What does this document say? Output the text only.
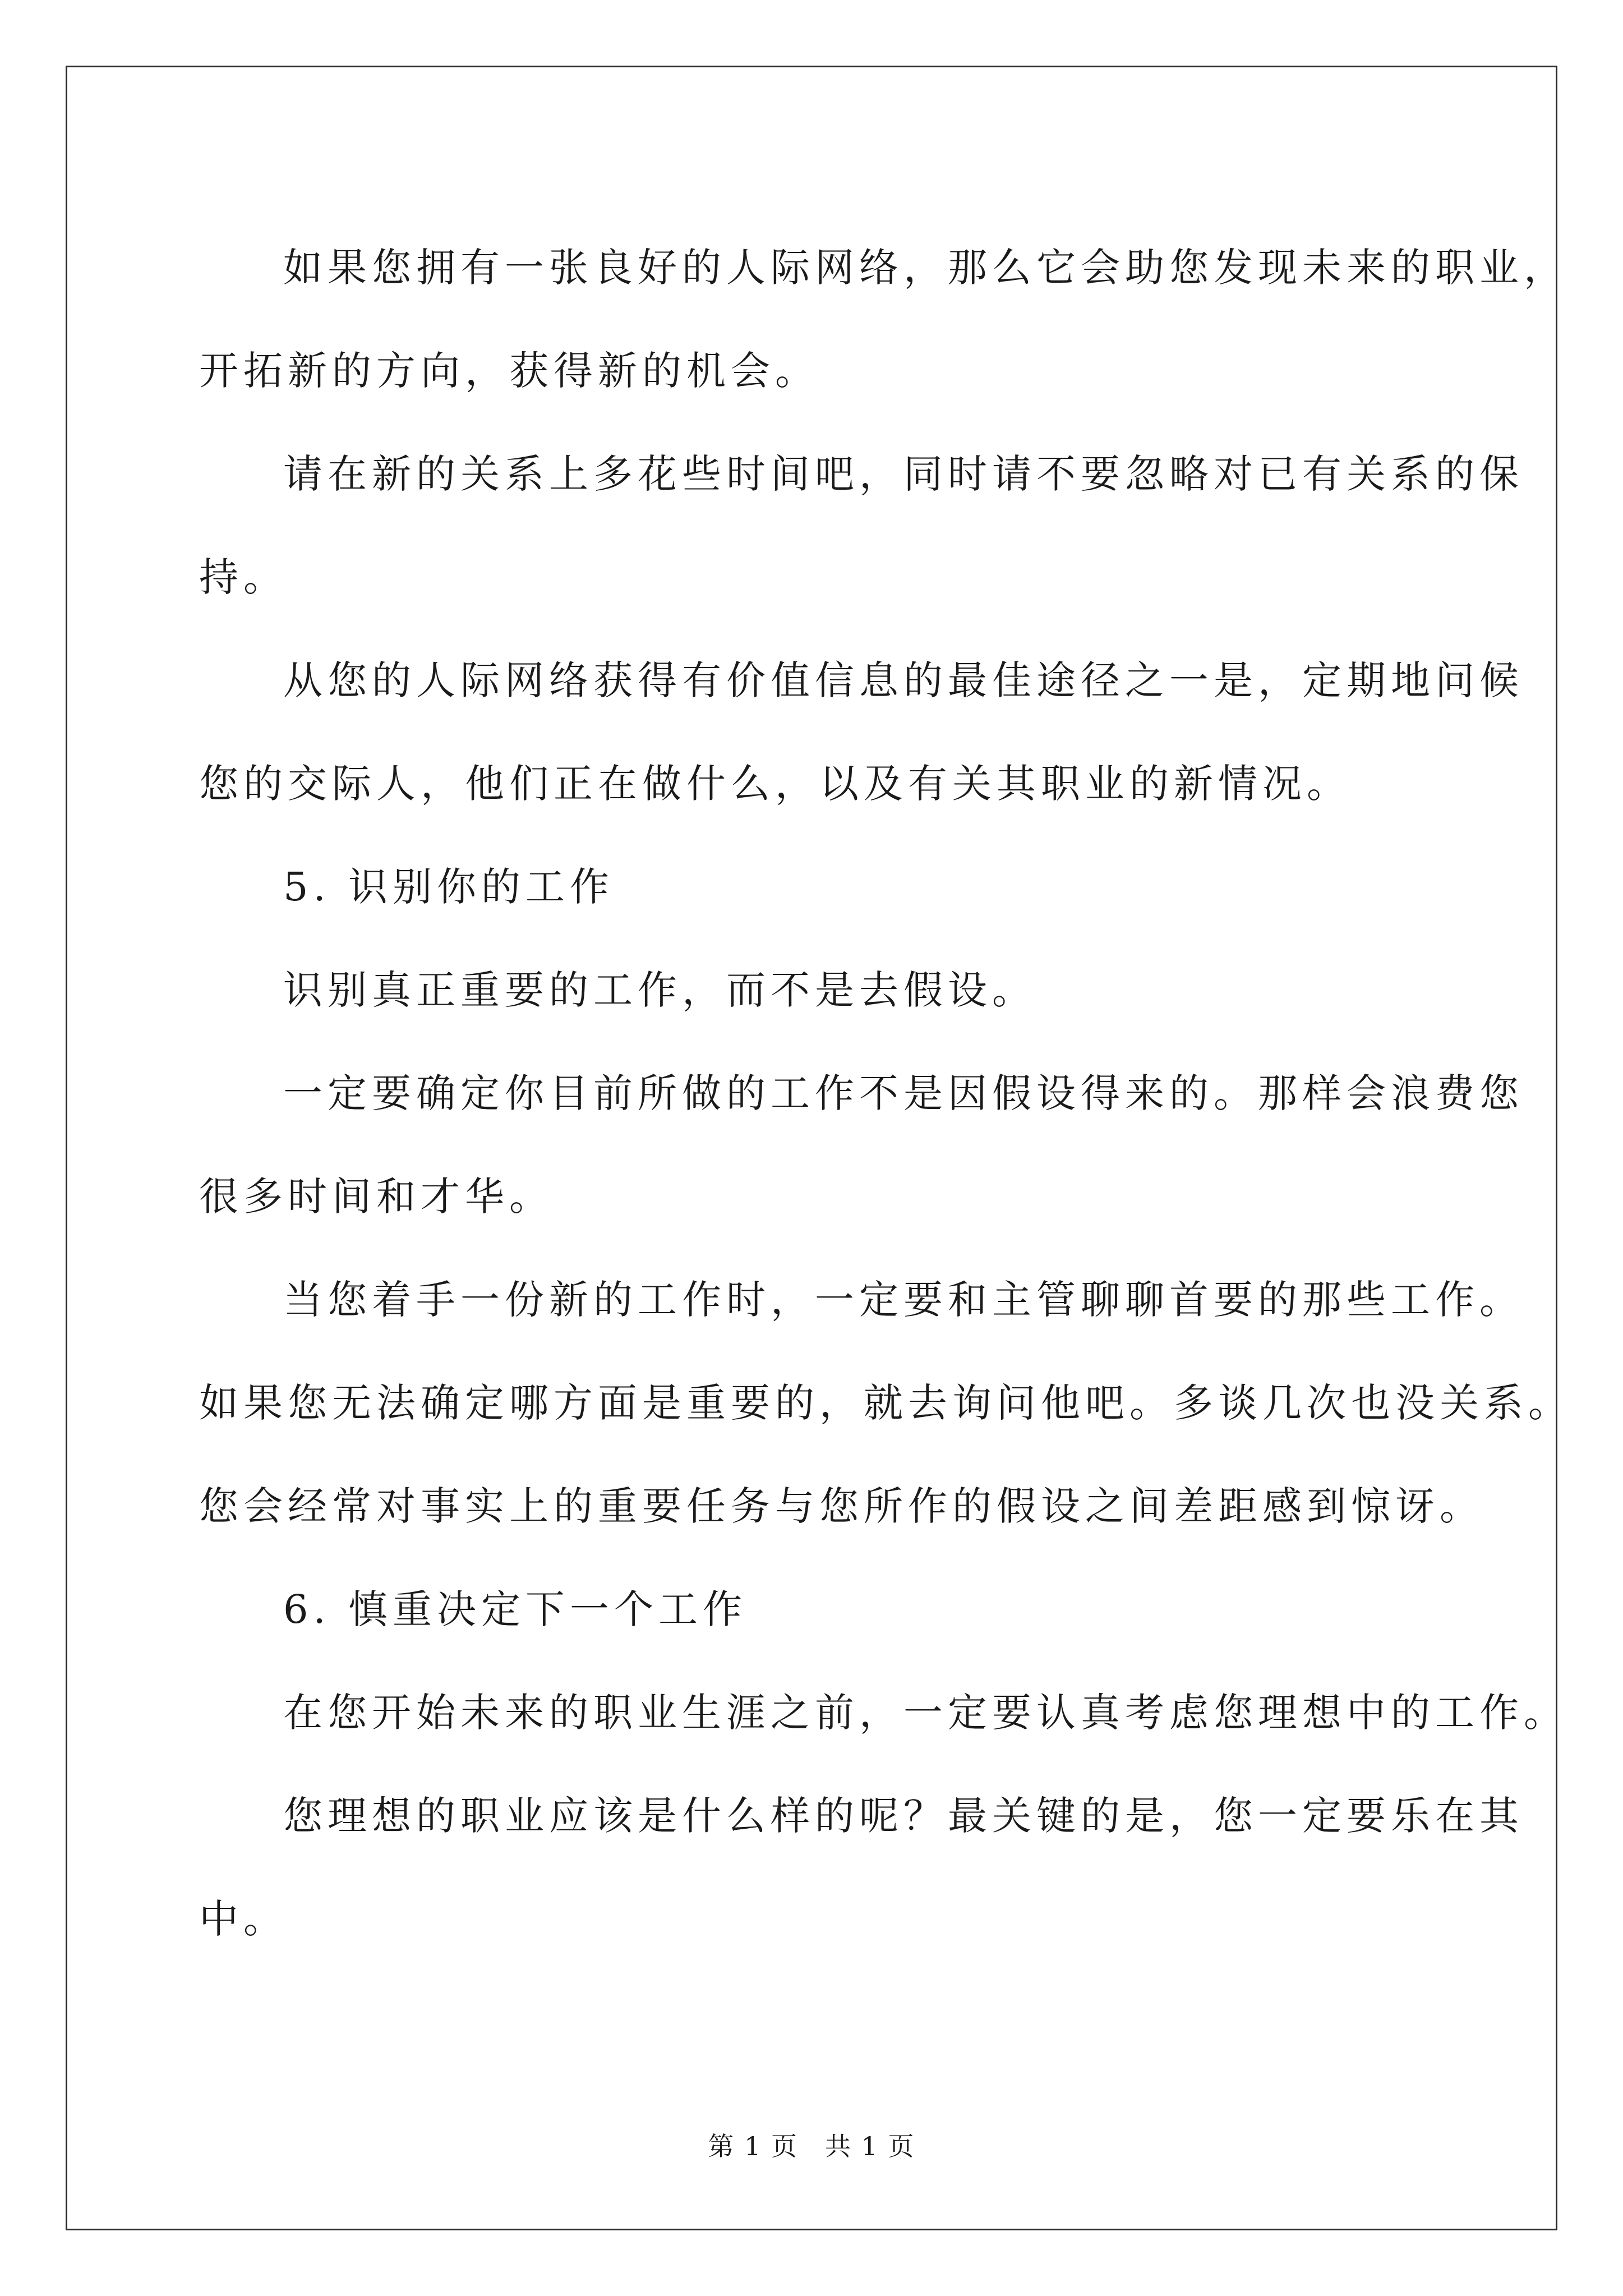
如果您拥有一张良好的人际网络，那么它会助您发现未来的职业，

开拓新的方向，获得新的机会。

请在新的关系上多花些时间吧，同时请不要忽略对已有关系的保

持。

从您的人际网络获得有价值信息的最佳途径之一是，定期地问候

您的交际人，他们正在做什么，以及有关其职业的新情况。

5. 识别你的工作

识别真正重要的工作，而不是去假设。

一定要确定你目前所做的工作不是因假设得来的。那样会浪费您

很多时间和才华。

当您着手一份新的工作时，一定要和主管聊聊首要的那些工作。

如果您无法确定哪方面是重要的，就去询问他吧。多谈几次也没关系。

您会经常对事实上的重要任务与您所作的假设之间差距感到惊讶。

6. 慎重决定下一个工作

在您开始未来的职业生涯之前，一定要认真考虑您理想中的工作。

您理想的职业应该是什么样的呢？最关键的是，您一定要乐在其

中。

第 1 页　共 1 页
